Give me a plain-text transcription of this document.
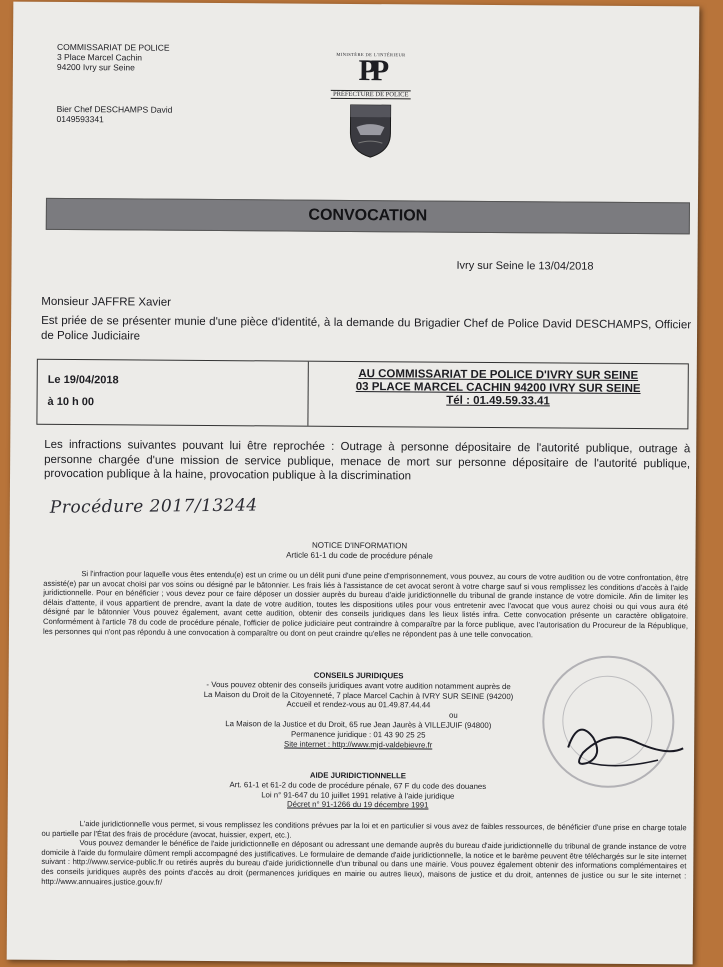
COMMISSARIAT DE POLICE
3 Place Marcel Cachin
94200 Ivry sur Seine
Bier Chef DESCHAMPS David
0149593341
MINISTÈRE DE L'INTÉRIEUR
PP
PRÉFECTURE DE POLICE
CONVOCATION
Ivry sur Seine le 13/04/2018
Monsieur JAFFRE Xavier
Est priée de se présenter munie d'une pièce d'identité, à la demande du Brigadier Chef de Police David DESCHAMPS, Officier de Police Judiciaire
Le 19/04/2018
à 10 h 00
AU COMMISSARIAT DE POLICE D'IVRY SUR SEINE
03 PLACE MARCEL CACHIN 94200 IVRY SUR SEINE
Tél : 01.49.59.33.41
Les infractions suivantes pouvant lui être reprochée : Outrage à personne dépositaire de l'autorité publique, outrage à personne chargée d'une mission de service publique, menace de mort sur personne dépositaire de l'autorité publique, provocation publique à la haine, provocation publique à la discrimination
Procédure 2017/13244
NOTICE D'INFORMATION
Article 61-1 du code de procédure pénale

Si l'infraction pour laquelle vous êtes entendu(e) est un crime ou un délit puni d'une peine d'emprisonnement, vous pouvez, au cours de votre audition ou de votre confrontation, être assisté(e) par un avocat choisi par vos soins ou désigné par le bâtonnier. Les frais liés à l'assistance de cet avocat seront à votre charge sauf si vous remplissez les conditions d'accès à l'aide juridictionnelle. Pour en bénéficier ; vous devez pour ce faire déposer un dossier auprès du bureau d'aide juridictionnelle du tribunal de grande instance de votre domicile. Afin de limiter les délais d'attente, il vous appartient de prendre, avant la date de votre audition, toutes les dispositions utiles pour vous entretenir avec l'avocat que vous aurez choisi ou qui vous aura été désigné par le bâtonnier Vous pouvez également, avant cette audition, obtenir des conseils juridiques dans les lieux listés infra. Cette convocation présente un caractère obligatoire. Conformément à l'article 78 du code de procédure pénale, l'officier de police judiciaire peut contraindre à comparaître par la force publique, avec l'autorisation du Procureur de la République, les personnes qui n'ont pas répondu à une convocation à comparaître ou dont on peut craindre qu'elles ne répondent pas à une telle convocation.

CONSEILS JURIDIQUES
- Vous pouvez obtenir des conseils juridiques avant votre audition notamment auprès de
La Maison du Droit de la Citoyenneté, 7 place Marcel Cachin à IVRY SUR SEINE (94200)
Accueil et rendez-vous au 01.49.87.44.44
ou
La Maison de la Justice et du Droit, 65 rue Jean Jaurès à VILLEJUIF (94800)
Permanence juridique : 01 43 90 25 25
Site internet : http://www.mjd-valdebievre.fr
AIDE JURIDICTIONNELLE
Art. 61-1 et 61-2 du code de procédure pénale, 67 F du code des douanes
Loi n° 91-647 du 10 juillet 1991 relative à l'aide juridique
Décret n° 91-1266 du 19 décembre 1991

L'aide juridictionnelle vous permet, si vous remplissez les conditions prévues par la loi et en particulier si vous avez de faibles ressources, de bénéficier d'une prise en charge totale ou partielle par l'État des frais de procédure (avocat, huissier, expert, etc.).

Vous pouvez demander le bénéfice de l'aide juridictionnelle en déposant ou adressant une demande auprès du bureau d'aide juridictionnelle du tribunal de grande instance de votre domicile à l'aide du formulaire dûment rempli accompagné des justificatives. Le formulaire de demande d'aide juridictionnelle, la notice et le barème peuvent être téléchargés sur le site internet suivant : http://www.service-public.fr ou retirés auprès du bureau d'aide juridictionnelle d'un tribunal ou dans une mairie. Vous pouvez également obtenir des informations complémentaires et des conseils juridiques auprès des points d'accès au droit (permanences juridiques en mairie ou autres lieux), maisons de justice et du droit, antennes de justice ou sur le site internet : http://www.annuaires.justice.gouv.fr/
